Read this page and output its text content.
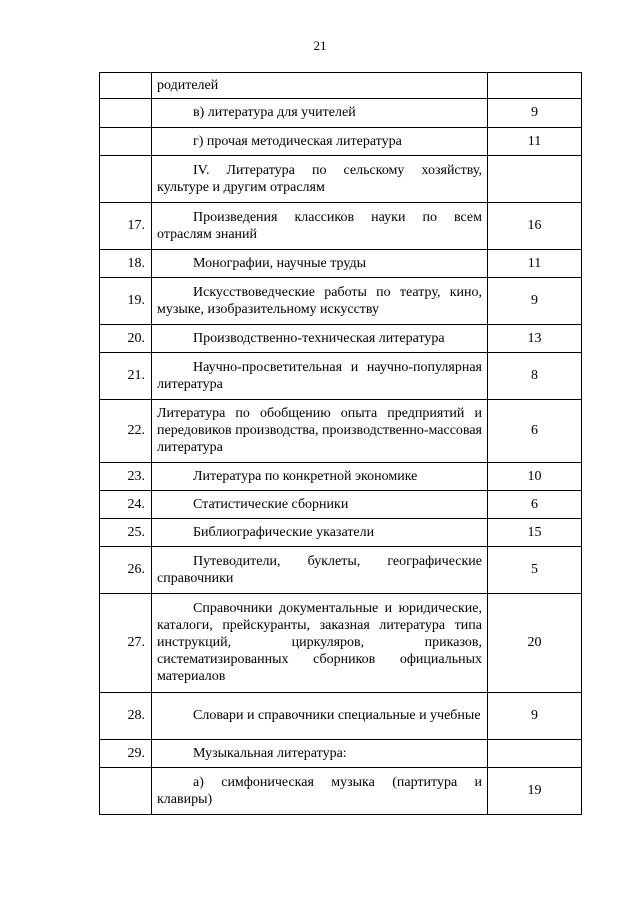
21
	родителей	
	в) литература для учителей	9
	г) прочая методическая литература	11
	IV. Литература по сельскому хозяйству, культуре и другим отраслям	
17.	Произведения классиков науки по всем отраслям знаний	16
18.	Монографии, научные труды	11
19.	Искусствоведческие работы по театру, кино, музыке, изобразительному искусству	9
20.	Производственно-техническая литература	13
21.	Научно-просветительная и научно-популярная литература	8
22.	Литература по обобщению опыта предприятий и передовиков производства, производственно-массовая литература	6
23.	Литература по конкретной экономике	10
24.	Статистические сборники	6
25.	Библиографические указатели	15
26.	Путеводители, буклеты, географические справочники	5
27.	Справочники документальные и юридические, каталоги, прейскуранты, заказная литература типа инструкций, циркуляров, приказов, систематизированных сборников официальных материалов	20
28.	Словари и справочники специальные и учебные	9
29.	Музыкальная литература:	
	а) симфоническая музыка (партитура и клавиры)	19
